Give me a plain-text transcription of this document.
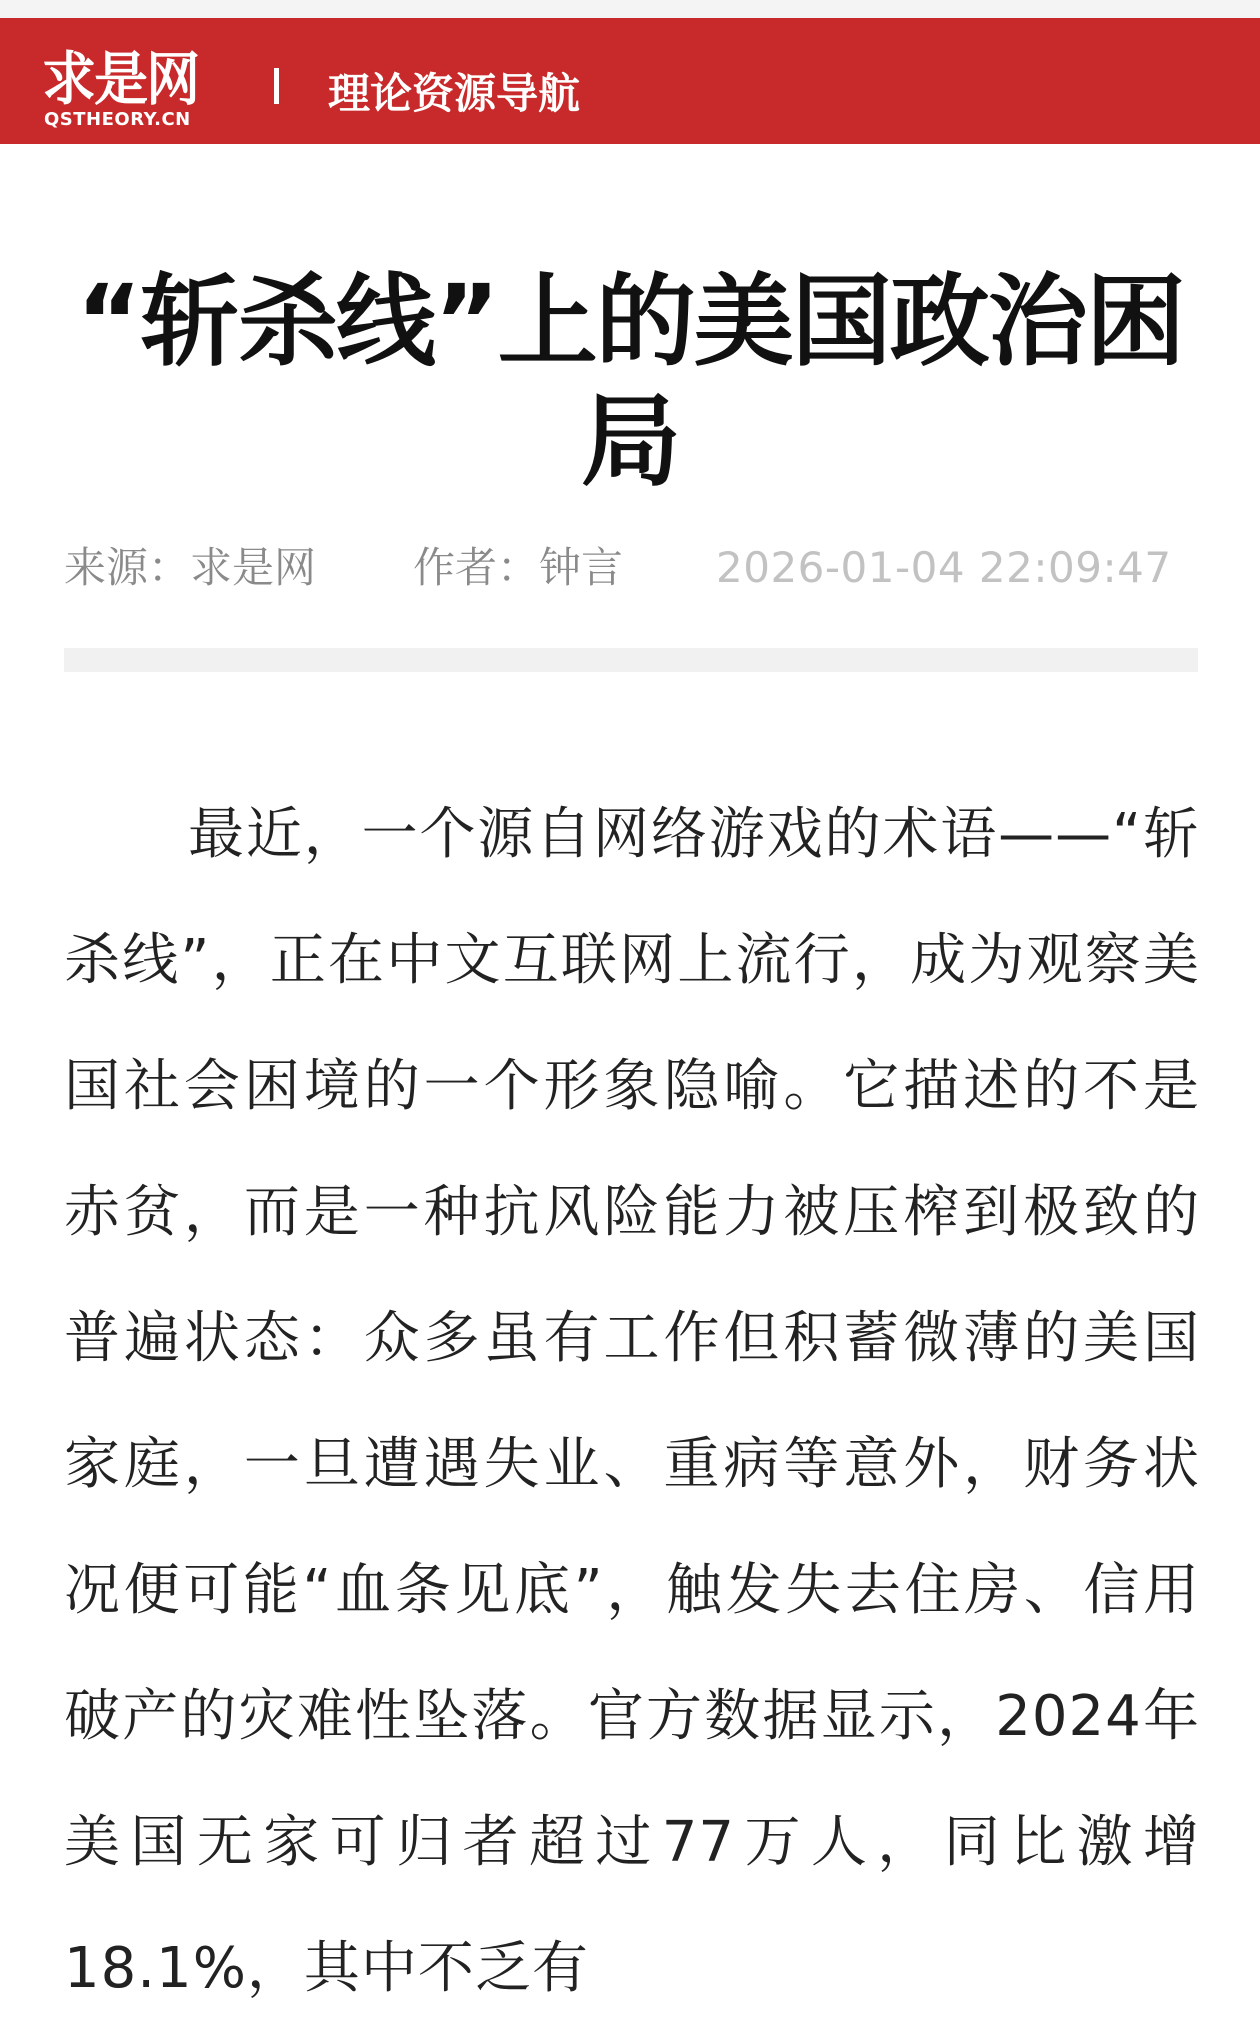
求是网
QSTHEORY.CN
理论资源导航
“斩杀线”上的美国政治困局
来源：求是网 作者：钟言 2026-01-04 22:09:47

最近，一个源自网络游戏的术语——“斩杀线”，正在中文互联网上流行，成为观察美国社会困境的一个形象隐喻。它描述的不是赤贫，而是一种抗风险能力被压榨到极致的普遍状态：众多虽有工作但积蓄微薄的美国家庭，一旦遭遇失业、重病等意外，财务状况便可能“血条见底”，触发失去住房、信用破产的灾难性坠落。官方数据显示，2024年美国无家可归者超过77万人，同比激增18.1%，其中不乏有
